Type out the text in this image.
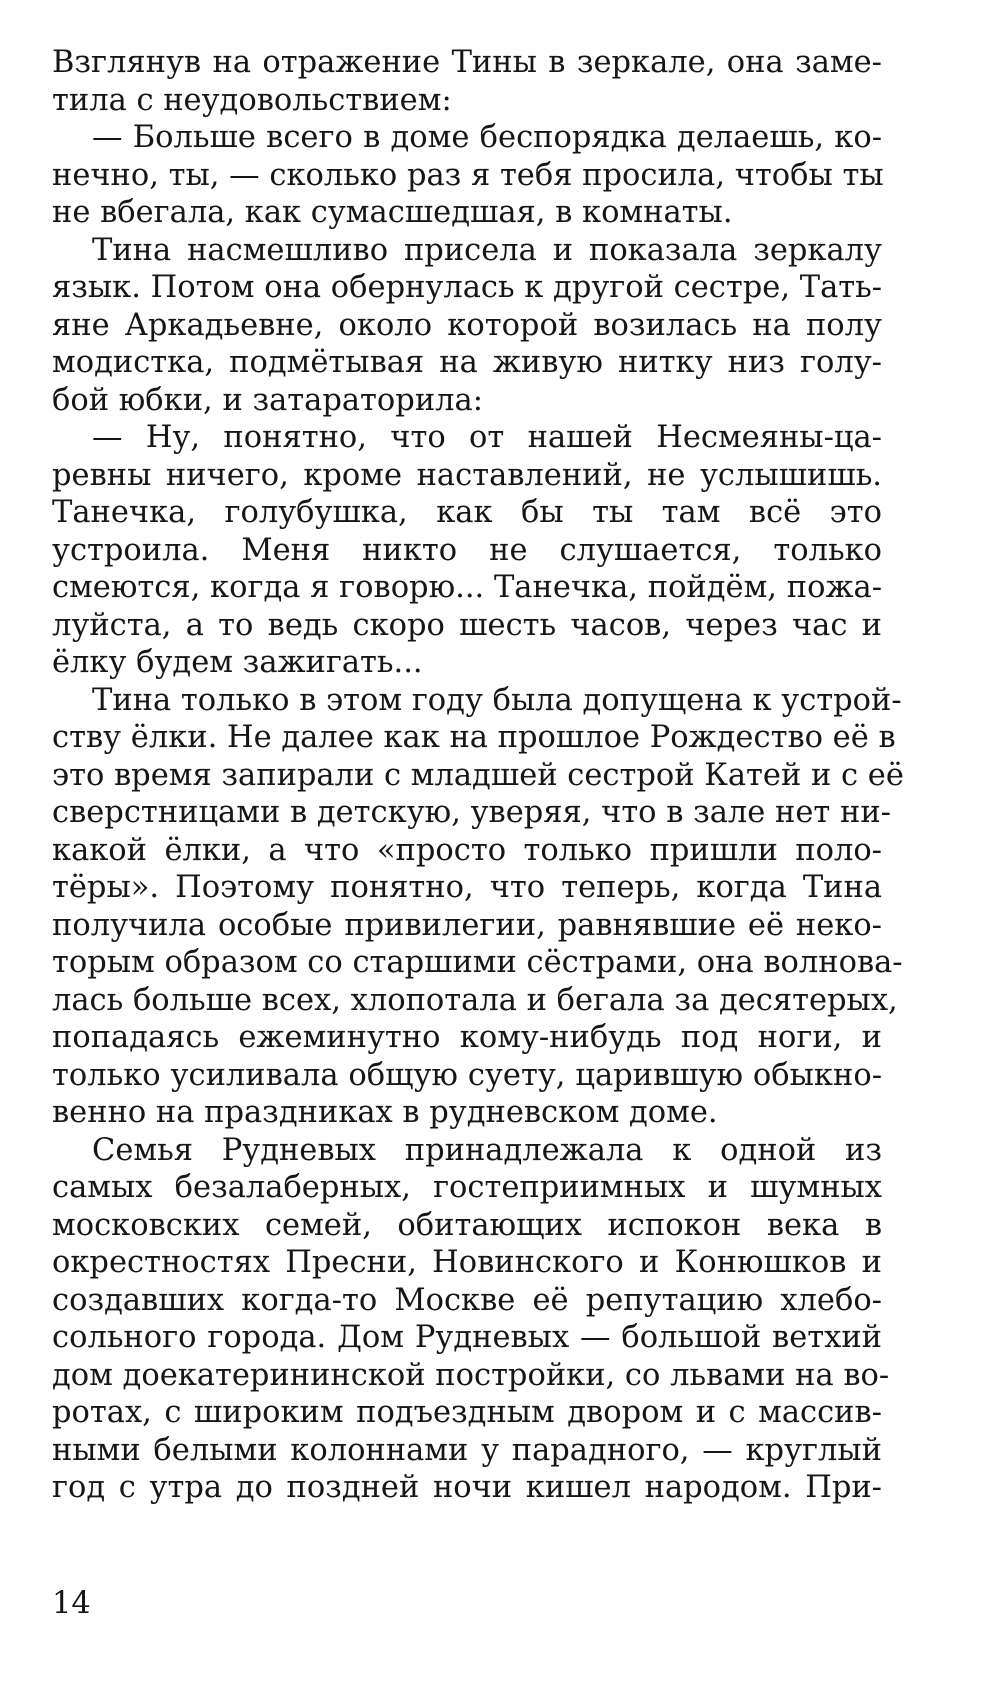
Взглянув на отражение Тины в зеркале, она заме-
тила с неудовольствием:
— Больше всего в доме беспорядка делаешь, ко-
нечно, ты, — сколько раз я тебя просила, чтобы ты
не вбегала, как сумасшедшая, в комнаты.
Тина насмешливо присела и показала зеркалу
язык. Потом она обернулась к другой сестре, Тать-
яне Аркадьевне, около которой возилась на полу
модистка, подмётывая на живую нитку низ голу-
бой юбки, и затараторила:
— Ну, понятно, что от нашей Несмеяны-ца-
ревны ничего, кроме наставлений, не услышишь.
Танечка, голубушка, как бы ты там всё это
устроила. Меня никто не слушается, только
смеются, когда я говорю... Танечка, пойдём, пожа-
луйста, а то ведь скоро шесть часов, через час и
ёлку будем зажигать...
Тина только в этом году была допущена к устрой-
ству ёлки. Не далее как на прошлое Рождество её в
это время запирали с младшей сестрой Катей и с её
сверстницами в детскую, уверяя, что в зале нет ни-
какой ёлки, а что «просто только пришли поло-
тёры». Поэтому понятно, что теперь, когда Тина
получила особые привилегии, равнявшие её неко-
торым образом со старшими сёстрами, она волнова-
лась больше всех, хлопотала и бегала за десятерых,
попадаясь ежеминутно кому-нибудь под ноги, и
только усиливала общую суету, царившую обыкно-
венно на праздниках в рудневском доме.
Семья Рудневых принадлежала к одной из
самых безалаберных, гостеприимных и шумных
московских семей, обитающих испокон века в
окрестностях Пресни, Новинского и Конюшков и
создавших когда-то Москве её репутацию хлебо-
сольного города. Дом Рудневых — большой ветхий
дом доекатерининской постройки, со львами на во-
ротах, с широким подъездным двором и с массив-
ными белыми колоннами у парадного, — круглый
год с утра до поздней ночи кишел народом. При-
14
